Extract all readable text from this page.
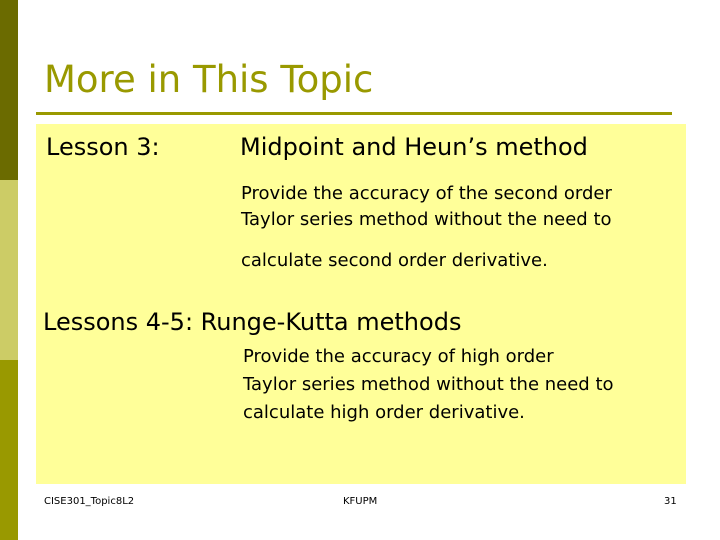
More in This Topic
Lesson 3:	Midpoint and Heun’s method
Provide the accuracy of the second order
Taylor series method without the need to
calculate second order derivative.
Lessons 4-5: Runge-Kutta methods
Provide the accuracy of high order
Taylor series method without the need to
calculate high order derivative.
CISE301_Topic8L2	KFUPM	31
